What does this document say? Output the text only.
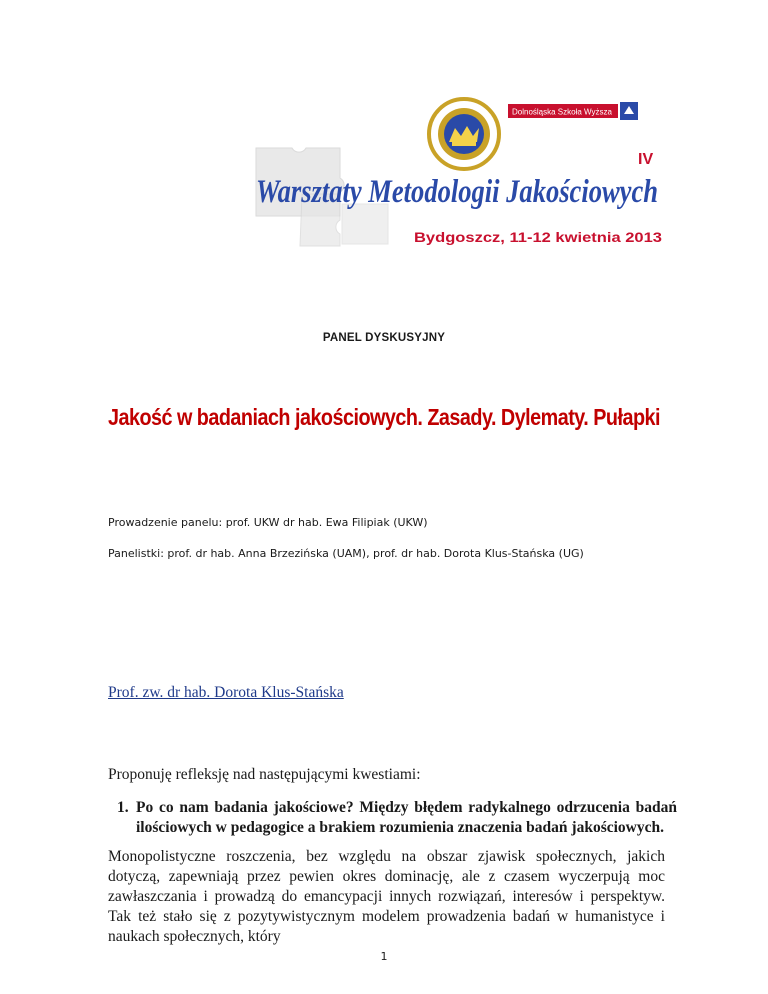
Dolnośląska Szkoła Wyższa
IV
Warsztaty Metodologii Jakościowych
Bydgoszcz, 11-12 kwietnia 2013
PANEL DYSKUSYJNY
Jakość w badaniach jakościowych. Zasady. Dylematy. Pułapki
Prowadzenie panelu: prof. UKW dr hab. Ewa Filipiak (UKW)
Panelistki: prof. dr hab. Anna Brzezińska (UAM), prof. dr hab. Dorota Klus-Stańska (UG)
Prof. zw. dr hab. Dorota Klus-Stańska
Proponuję refleksję nad następującymi kwestiami:
1. Po co nam badania jakościowe? Między błędem radykalnego odrzucenia badań ilościowych w pedagogice a brakiem rozumienia znaczenia badań jakościowych.
Monopolistyczne roszczenia, bez względu na obszar zjawisk społecznych, jakich dotyczą, zapewniają przez pewien okres dominację, ale z czasem wyczerpują moc zawłaszczania i prowadzą do emancypacji innych rozwiązań, interesów i perspektyw. Tak też stało się z pozytywistycznym modelem prowadzenia badań w humanistyce i naukach społecznych, który
1
